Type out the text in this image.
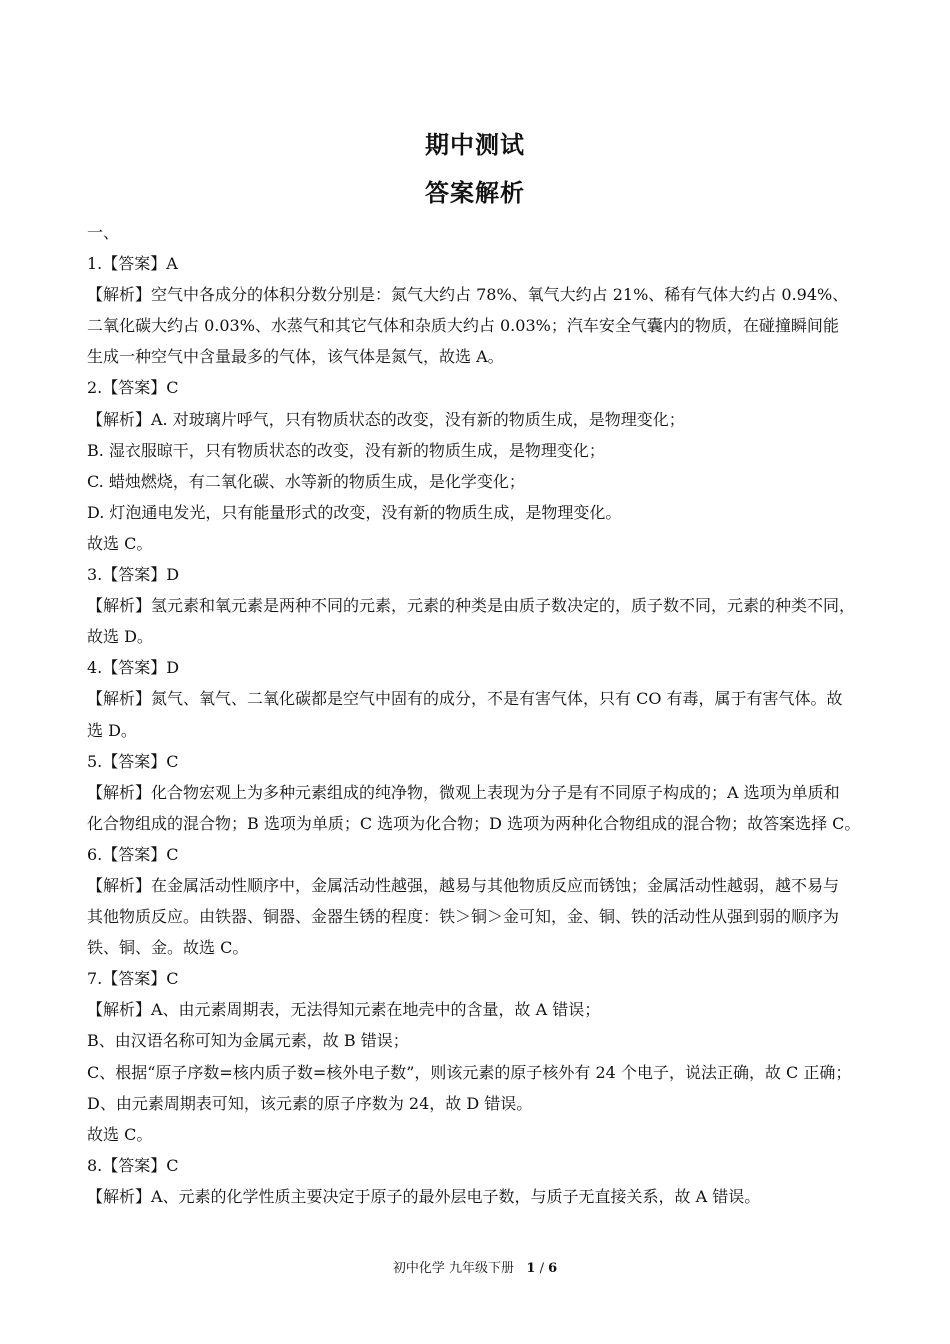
期中测试
答案解析
一、
1.【答案】A
【解析】空气中各成分的体积分数分别是：氮气大约占 78%、氧气大约占 21%、稀有气体大约占 0.94%、
二氧化碳大约占 0.03%、水蒸气和其它气体和杂质大约占 0.03%；汽车安全气囊内的物质，在碰撞瞬间能
生成一种空气中含量最多的气体，该气体是氮气，故选 A。
2.【答案】C
【解析】A. 对玻璃片呼气，只有物质状态的改变，没有新的物质生成，是物理变化；
B. 湿衣服晾干，只有物质状态的改变，没有新的物质生成，是物理变化；
C. 蜡烛燃烧，有二氧化碳、水等新的物质生成，是化学变化；
D. 灯泡通电发光，只有能量形式的改变，没有新的物质生成，是物理变化。
故选 C。
3.【答案】D
【解析】氢元素和氧元素是两种不同的元素，元素的种类是由质子数决定的，质子数不同，元素的种类不同，
故选 D。
4.【答案】D
【解析】氮气、氧气、二氧化碳都是空气中固有的成分，不是有害气体，只有 CO 有毒，属于有害气体。故
选 D。
5.【答案】C
【解析】化合物宏观上为多种元素组成的纯净物，微观上表现为分子是有不同原子构成的；A 选项为单质和
化合物组成的混合物；B 选项为单质；C 选项为化合物；D 选项为两种化合物组成的混合物；故答案选择 C。
6.【答案】C
【解析】在金属活动性顺序中，金属活动性越强，越易与其他物质反应而锈蚀；金属活动性越弱，越不易与
其他物质反应。由铁器、铜器、金器生锈的程度：铁＞铜＞金可知，金、铜、铁的活动性从强到弱的顺序为
铁、铜、金。故选 C。
7.【答案】C
【解析】A、由元素周期表，无法得知元素在地壳中的含量，故 A 错误；
B、由汉语名称可知为金属元素，故 B 错误；
C、根据“原子序数=核内质子数=核外电子数”，则该元素的原子核外有 24 个电子，说法正确，故 C 正确；
D、由元素周期表可知，该元素的原子序数为 24，故 D 错误。
故选 C。
8.【答案】C
【解析】A、元素的化学性质主要决定于原子的最外层电子数，与质子无直接关系，故 A 错误。
初中化学 九年级下册 1 / 6
